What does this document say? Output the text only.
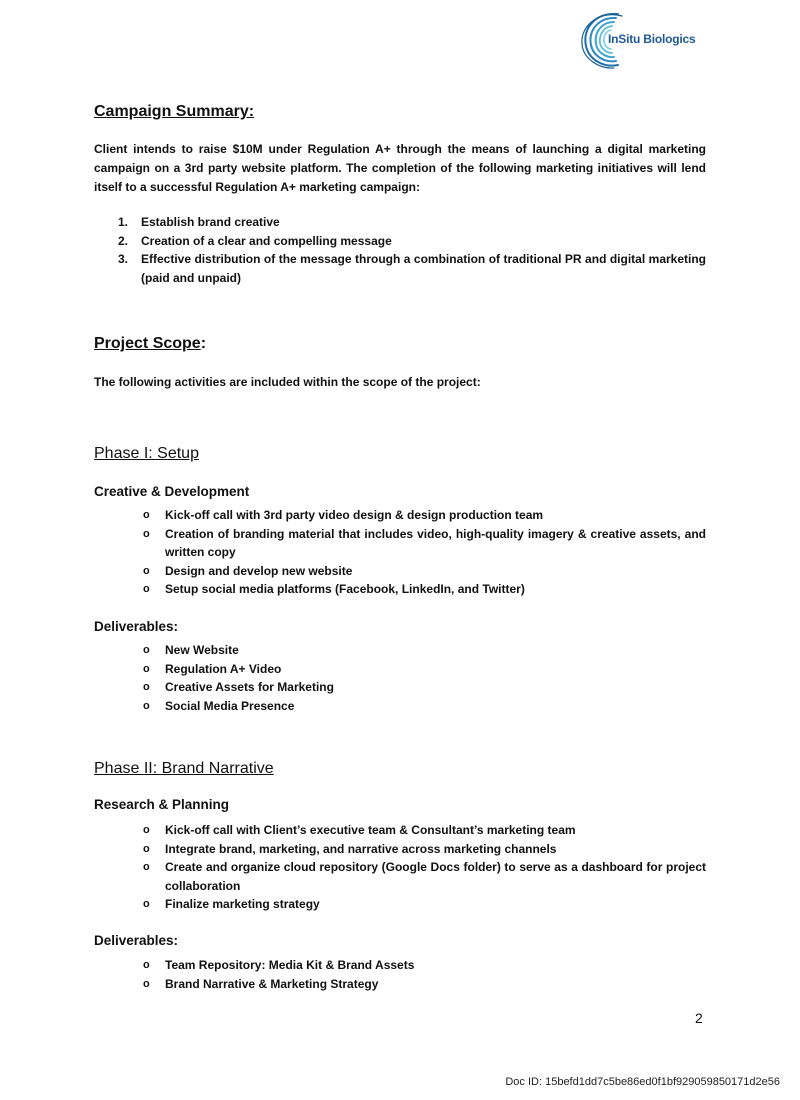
InSitu Biologics
Campaign Summary:

Client intends to raise $10M under Regulation A+ through the means of launching a digital marketing campaign on a 3rd party website platform. The completion of the following marketing initiatives will lend itself to a successful Regulation A+ marketing campaign:

1. Establish brand creative
2. Creation of a clear and compelling message
3. Effective distribution of the message through a combination of traditional PR and digital marketing (paid and unpaid)
Project Scope:

The following activities are included within the scope of the project:

Phase I: Setup
Creative & Development
o Kick-off call with 3rd party video design & design production team
o Creation of branding material that includes video, high-quality imagery & creative assets, and written copy
o Design and develop new website
o Setup social media platforms (Facebook, LinkedIn, and Twitter)
Deliverables:
o New Website
o Regulation A+ Video
o Creative Assets for Marketing
o Social Media Presence
Phase II: Brand Narrative
Research & Planning
o Kick-off call with Client’s executive team & Consultant’s marketing team
o Integrate brand, marketing, and narrative across marketing channels
o Create and organize cloud repository (Google Docs folder) to serve as a dashboard for project collaboration
o Finalize marketing strategy
Deliverables:
o Team Repository: Media Kit & Brand Assets
o Brand Narrative & Marketing Strategy
2
Doc ID: 15befd1dd7c5be86ed0f1bf929059850171d2e56
